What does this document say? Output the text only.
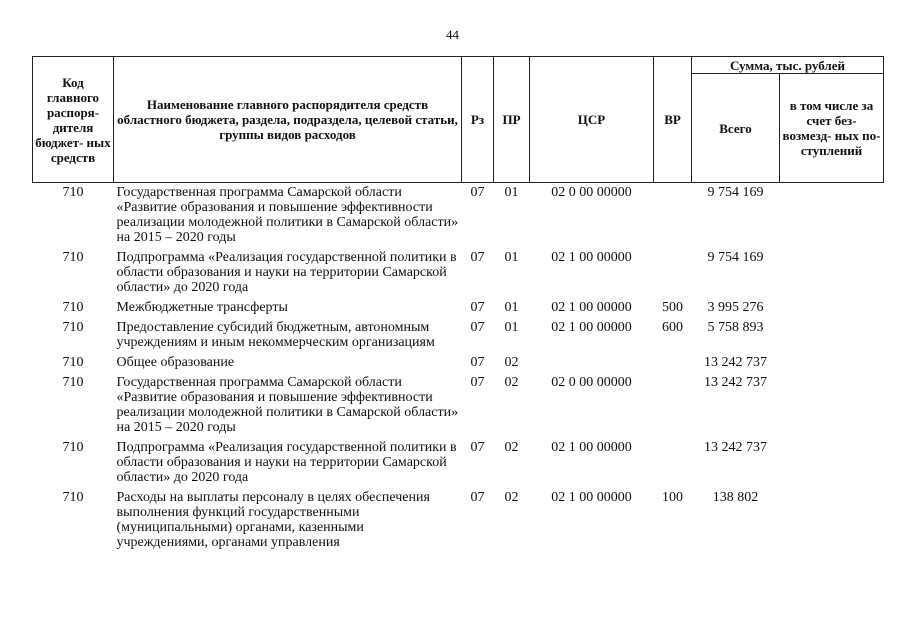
44
Код главного распоря- дителя бюджет- ных средств	Наименование главного распорядителя средств областного бюджета, раздела, подраздела, целевой статьи, группы видов расходов	Рз	ПР	ЦСР	ВР	Сумма, тыс. рублей	
						Всего	в том числе за счет без- возмезд- ных по- ступлений
710	Государственная программа Самарской области «Развитие образования и повышение эффективности реализации молодежной политики в Самарской области» на 2015 – 2020 годы	07	01	02 0 00 00000		9 754 169	
710	Подпрограмма «Реализация государственной политики в области образования и науки на территории Самарской области» до 2020 года	07	01	02 1 00 00000		9 754 169	
710	Межбюджетные трансферты	07	01	02 1 00 00000	500	3 995 276	
710	Предоставление субсидий бюджетным, автономным учреждениям и иным некоммерческим организациям	07	01	02 1 00 00000	600	5 758 893	
710	Общее образование	07	02			13 242 737	
710	Государственная программа Самарской области «Развитие образования и повышение эффективности реализации молодежной политики в Самарской области» на 2015 – 2020 годы	07	02	02 0 00 00000		13 242 737	
710	Подпрограмма «Реализация государственной политики в области образования и науки на территории Самарской области» до 2020 года	07	02	02 1 00 00000		13 242 737	
710	Расходы на выплаты персоналу в целях обеспечения выполнения функций государственными (муниципальными) органами, казенными учреждениями, органами управления	07	02	02 1 00 00000	100	138 802	
